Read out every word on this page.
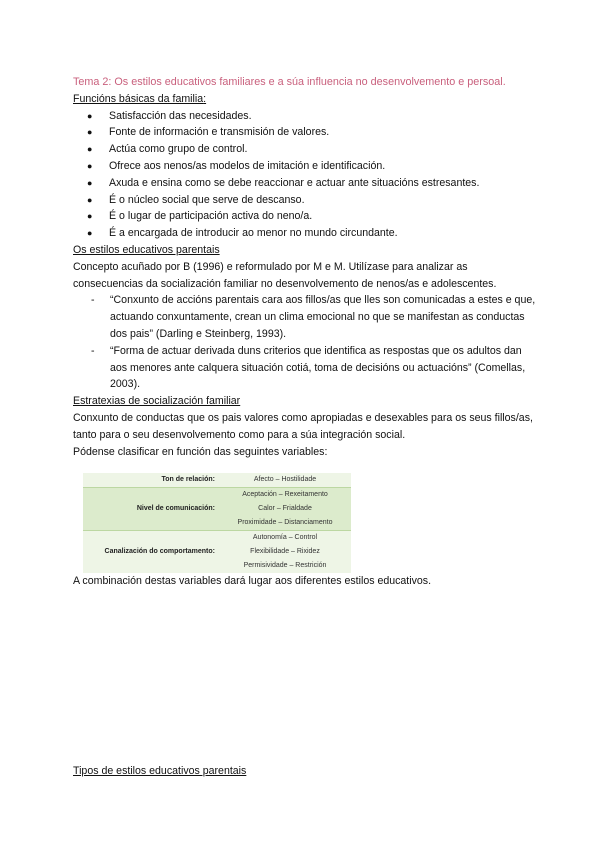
Tema 2: Os estilos educativos familiares e a súa influencia no desenvolvemento e persoal.

Funcións básicas da familia:

● Satisfacción das necesidades.
● Fonte de información e transmisión de valores.
● Actúa como grupo de control.
● Ofrece aos nenos/as modelos de imitación e identificación.
● Axuda e ensina como se debe reaccionar e actuar ante situacións estresantes.
● É o núcleo social que serve de descanso.
● É o lugar de participación activa do neno/a.
● É a encargada de introducir ao menor no mundo circundante.

Os estilos educativos parentais

Concepto acuñado por B (1996) e reformulado por M e M. Utilízase para analizar as consecuencias da socialización familiar no desenvolvemento de nenos/as e adolescentes.

- “Conxunto de accións parentais cara aos fillos/as que lles son comunicadas a estes e que, actuando conxuntamente, crean un clima emocional no que se manifestan as conductas dos pais” (Darling e Steinberg, 1993).
- “Forma de actuar derivada duns criterios que identifica as respostas que os adultos dan aos menores ante calquera situación cotiá, toma de decisións ou actuacións” (Comellas, 2003).

Estratexias de socialización familiar

Conxunto de conductas que os pais valores como apropiadas e desexables para os seus fillos/as, tanto para o seu desenvolvemento como para a súa integración social.

Pódense clasificar en función das seguintes variables:

Ton de relación:	Afecto – Hostilidade
Nivel de comunicación:	Aceptación – Rexeitamento
	Calor – Frialdade
	Proximidade – Distanciamento
Canalización do comportamento:	Autonomía – Control
	Flexibilidade – Rixidez
	Permisividade – Restrición

A combinación destas variables dará lugar aos diferentes estilos educativos.

Tipos de estilos educativos parentais
